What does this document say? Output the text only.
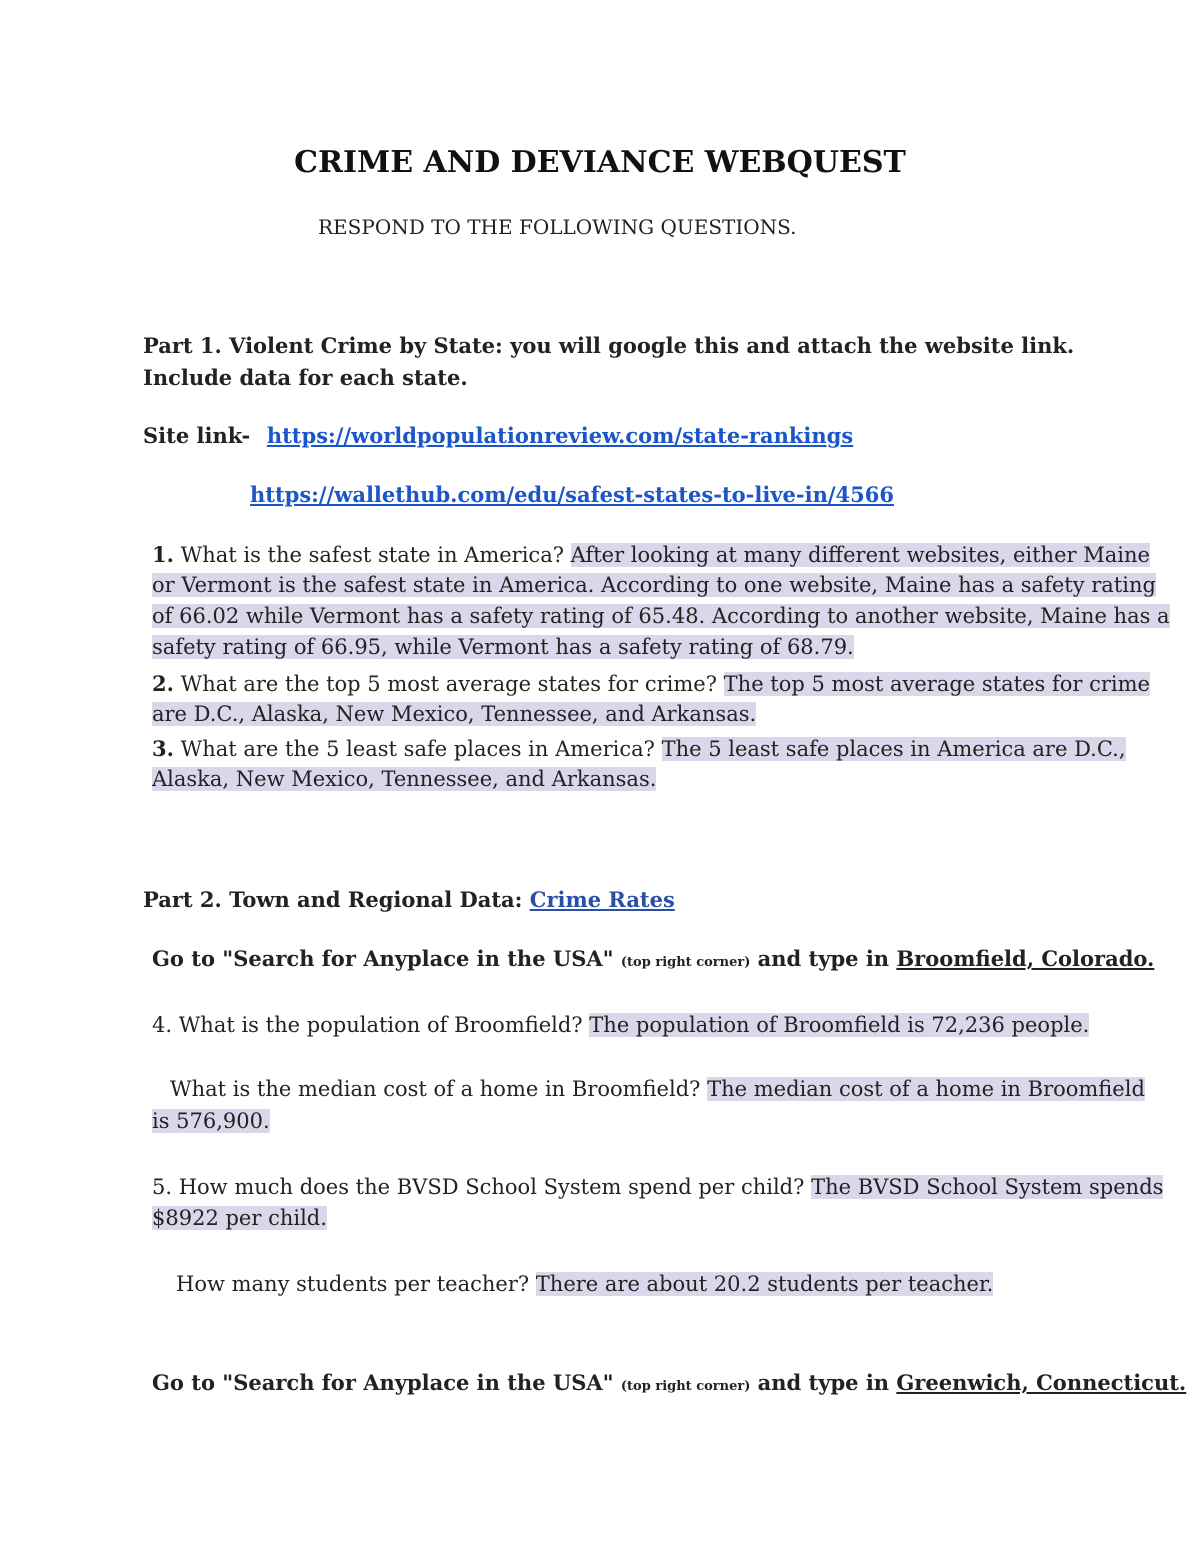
CRIME AND DEVIANCE WEBQUEST
RESPOND TO THE FOLLOWING QUESTIONS.
Part 1. Violent Crime by State: you will google this and attach the website link.
Include data for each state.
Site link- https://worldpopulationreview.com/state-rankings
https://wallethub.com/edu/safest-states-to-live-in/4566
1. What is the safest state in America? After looking at many different websites, either Maine
or Vermont is the safest state in America. According to one website, Maine has a safety rating
of 66.02 while Vermont has a safety rating of 65.48. According to another website, Maine has a
safety rating of 66.95, while Vermont has a safety rating of 68.79.
2. What are the top 5 most average states for crime? The top 5 most average states for crime
are D.C., Alaska, New Mexico, Tennessee, and Arkansas.
3. What are the 5 least safe places in America? The 5 least safe places in America are D.C.,
Alaska, New Mexico, Tennessee, and Arkansas.
Part 2. Town and Regional Data: Crime Rates
Go to "Search for Anyplace in the USA" (top right corner) and type in Broomfield, Colorado.
4. What is the population of Broomfield? The population of Broomfield is 72,236 people.
What is the median cost of a home in Broomfield? The median cost of a home in Broomfield
is 576,900.
5. How much does the BVSD School System spend per child? The BVSD School System spends
$8922 per child.
How many students per teacher? There are about 20.2 students per teacher.
Go to "Search for Anyplace in the USA" (top right corner) and type in Greenwich, Connecticut.
